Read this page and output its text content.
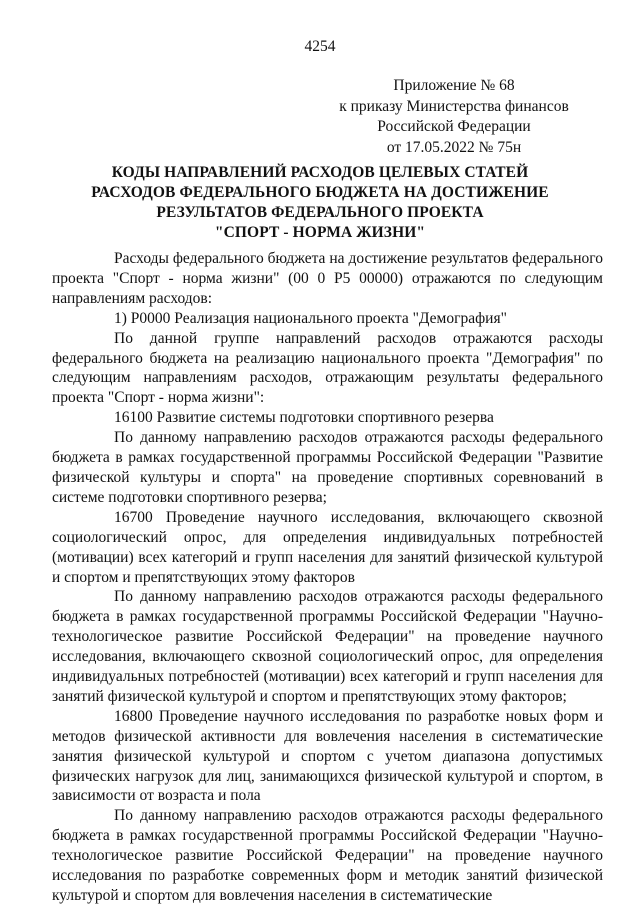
4254
Приложение № 68
к приказу Министерства финансов
Российской Федерации
от 17.05.2022 № 75н
КОДЫ НАПРАВЛЕНИЙ РАСХОДОВ ЦЕЛЕВЫХ СТАТЕЙ
РАСХОДОВ ФЕДЕРАЛЬНОГО БЮДЖЕТА НА ДОСТИЖЕНИЕ
РЕЗУЛЬТАТОВ ФЕДЕРАЛЬНОГО ПРОЕКТА
"СПОРТ - НОРМА ЖИЗНИ"

Расходы федерального бюджета на достижение результатов федерального проекта "Спорт - норма жизни" (00 0 P5 00000) отражаются по следующим направлениям расходов:

1) P0000 Реализация национального проекта "Демография"

По данной группе направлений расходов отражаются расходы федерального бюджета на реализацию национального проекта "Демография" по следующим направлениям расходов, отражающим результаты федерального проекта "Спорт - норма жизни":

16100 Развитие системы подготовки спортивного резерва

По данному направлению расходов отражаются расходы федерального бюджета в рамках государственной программы Российской Федерации "Развитие физической культуры и спорта" на проведение спортивных соревнований в системе подготовки спортивного резерва;

16700 Проведение научного исследования, включающего сквозной социологический опрос, для определения индивидуальных потребностей (мотивации) всех категорий и групп населения для занятий физической культурой и спортом и препятствующих этому факторов

По данному направлению расходов отражаются расходы федерального бюджета в рамках государственной программы Российской Федерации "Научно-технологическое развитие Российской Федерации" на проведение научного исследования, включающего сквозной социологический опрос, для определения индивидуальных потребностей (мотивации) всех категорий и групп населения для занятий физической культурой и спортом и препятствующих этому факторов;

16800 Проведение научного исследования по разработке новых форм и методов физической активности для вовлечения населения в систематические занятия физической культурой и спортом с учетом диапазона допустимых физических нагрузок для лиц, занимающихся физической культурой и спортом, в зависимости от возраста и пола

По данному направлению расходов отражаются расходы федерального бюджета в рамках государственной программы Российской Федерации "Научно-технологическое развитие Российской Федерации" на проведение научного исследования по разработке современных форм и методик занятий физической культурой и спортом для вовлечения населения в систематические
